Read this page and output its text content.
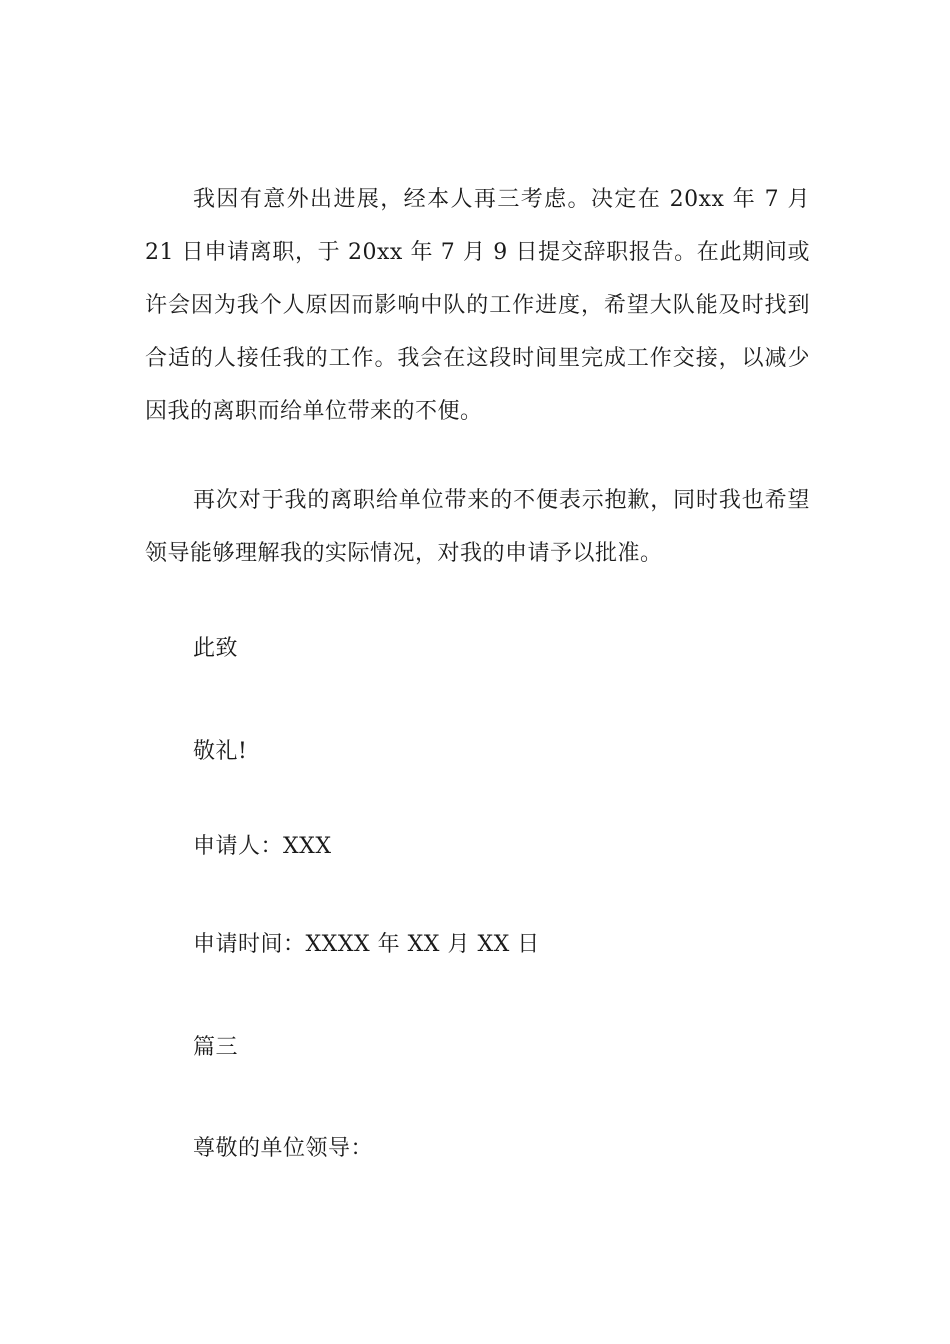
我因有意外出进展，经本人再三考虑。决定在 20xx 年 7 月 21 日申请离职，于 20xx 年 7 月 9 日提交辞职报告。在此期间或许会因为我个人原因而影响中队的工作进度，希望大队能及时找到合适的人接任我的工作。我会在这段时间里完成工作交接，以减少因我的离职而给单位带来的不便。

再次对于我的离职给单位带来的不便表示抱歉，同时我也希望领导能够理解我的实际情况，对我的申请予以批准。

此致

敬礼!

申请人：XXX

申请时间：XXXX 年 XX 月 XX 日

篇三

尊敬的单位领导：
